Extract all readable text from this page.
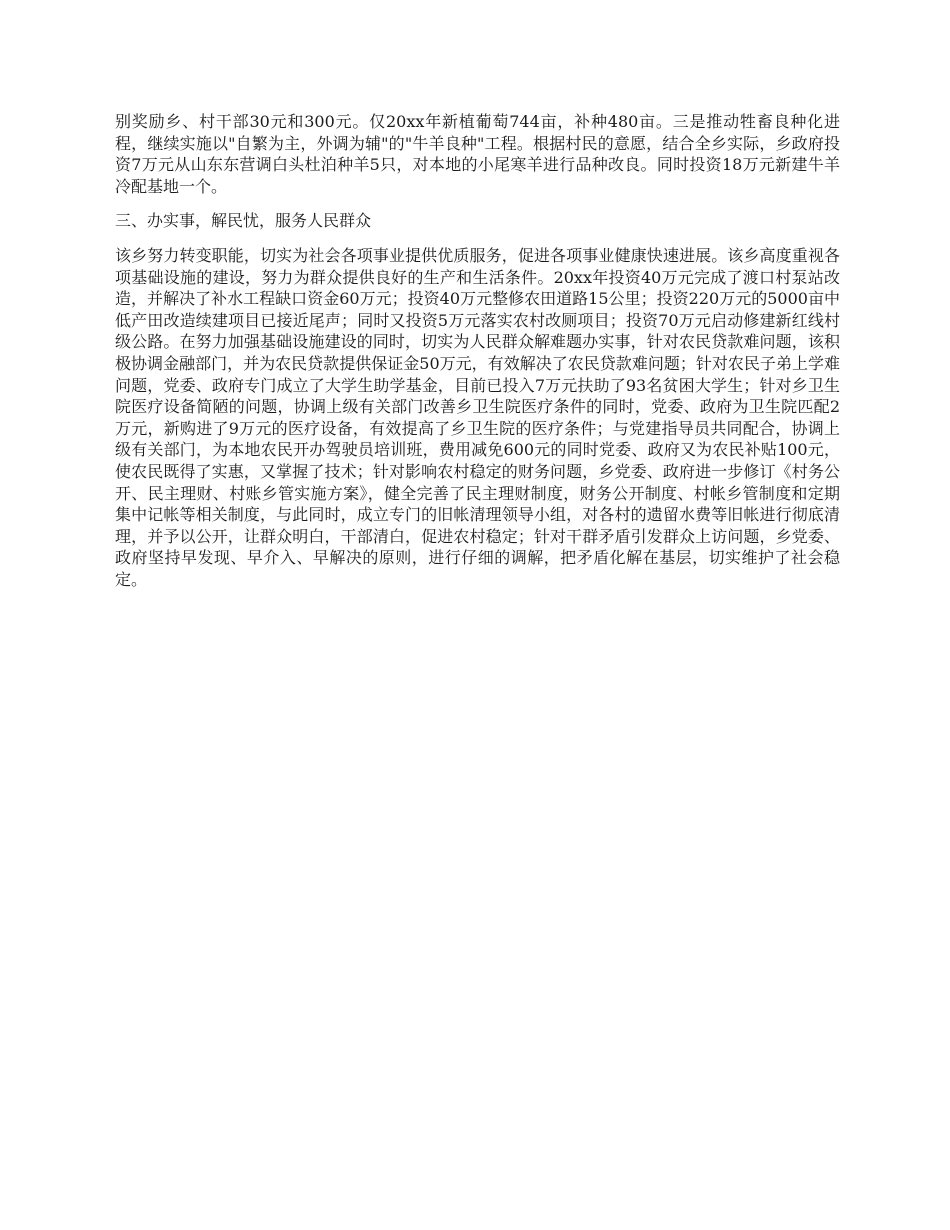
别奖励乡、村干部30元和300元。仅20xx年新植葡萄744亩，补种480亩。三是推动牲畜良种化进程，继续实施以"自繁为主，外调为辅"的"牛羊良种"工程。根据村民的意愿，结合全乡实际，乡政府投资7万元从山东东营调白头杜泊种羊5只，对本地的小尾寒羊进行品种改良。同时投资18万元新建牛羊冷配基地一个。

三、办实事，解民忧，服务人民群众

该乡努力转变职能，切实为社会各项事业提供优质服务，促进各项事业健康快速进展。该乡高度重视各项基础设施的建设，努力为群众提供良好的生产和生活条件。20xx年投资40万元完成了渡口村泵站改造，并解决了补水工程缺口资金60万元；投资40万元整修农田道路15公里；投资220万元的5000亩中低产田改造续建项目已接近尾声；同时又投资5万元落实农村改厕项目；投资70万元启动修建新红线村级公路。在努力加强基础设施建设的同时，切实为人民群众解难题办实事，针对农民贷款难问题，该积极协调金融部门，并为农民贷款提供保证金50万元，有效解决了农民贷款难问题；针对农民子弟上学难问题，党委、政府专门成立了大学生助学基金，目前已投入7万元扶助了93名贫困大学生；针对乡卫生院医疗设备简陋的问题，协调上级有关部门改善乡卫生院医疗条件的同时，党委、政府为卫生院匹配2万元，新购进了9万元的医疗设备，有效提高了乡卫生院的医疗条件；与党建指导员共同配合，协调上级有关部门，为本地农民开办驾驶员培训班，费用减免600元的同时党委、政府又为农民补贴100元，使农民既得了实惠，又掌握了技术；针对影响农村稳定的财务问题，乡党委、政府进一步修订《村务公开、民主理财、村账乡管实施方案》，健全完善了民主理财制度，财务公开制度、村帐乡管制度和定期集中记帐等相关制度，与此同时，成立专门的旧帐清理领导小组，对各村的遗留水费等旧帐进行彻底清理，并予以公开，让群众明白，干部清白，促进农村稳定；针对干群矛盾引发群众上访问题，乡党委、政府坚持早发现、早介入、早解决的原则，进行仔细的调解，把矛盾化解在基层，切实维护了社会稳定。
